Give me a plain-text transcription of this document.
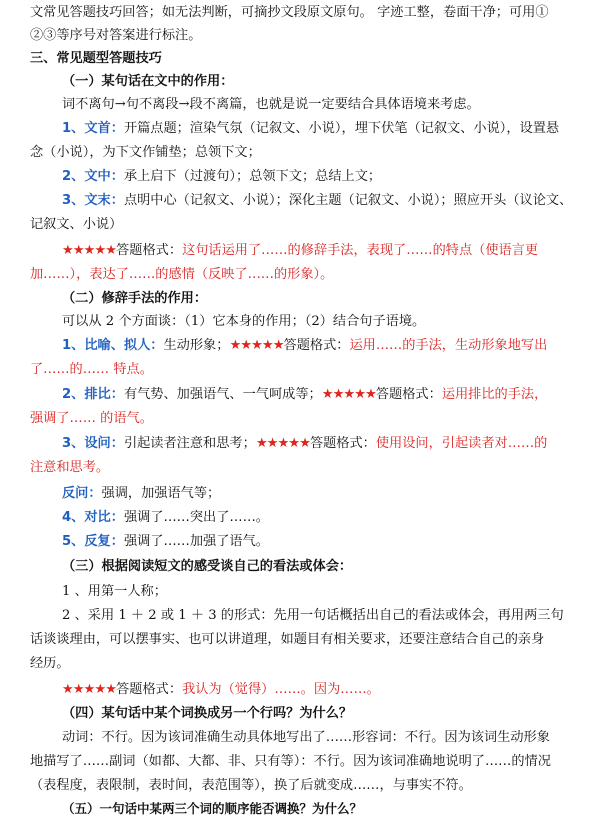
文常见答题技巧回答；如无法判断，可摘抄文段原文原句。 字迹工整，卷面干净；可用①
②③等序号对答案进行标注。
三、常见题型答题技巧
（一）某句话在文中的作用：
词不离句→句不离段→段不离篇，也就是说一定要结合具体语境来考虑。
1、文首：开篇点题；渲染气氛（记叙文、小说），埋下伏笔（记叙文、小说），设置悬
念（小说），为下文作铺垫；总领下文；
2、文中：承上启下（过渡句）；总领下文；总结上文；
3、文末：点明中心（记叙文、小说）；深化主题（记叙文、小说）；照应开头（议论文、
记叙文、小说）
★★★★★答题格式：这句话运用了……的修辞手法，表现了……的特点（使语言更
加……），表达了……的感情（反映了……的形象）。
（二）修辞手法的作用：
可以从 2 个方面谈：（1）它本身的作用；（2）结合句子语境。
1、比喻、拟人：生动形象；★★★★★答题格式：运用……的手法，生动形象地写出
了……的…… 特点。
2、排比：有气势、加强语气、一气呵成等；★★★★★答题格式：运用排比的手法，
强调了…… 的语气。
3、设问：引起读者注意和思考；★★★★★答题格式：使用设问，引起读者对……的
注意和思考。
反问：强调，加强语气等；
4、对比：强调了……突出了……。
5、反复：强调了……加强了语气。
（三）根据阅读短文的感受谈自己的看法或体会：
1 、用第一人称；
2 、采用 1 ＋ 2 或 1 ＋ 3 的形式：先用一句话概括出自己的看法或体会，再用两三句
话谈谈理由，可以摆事实、也可以讲道理，如题目有相关要求，还要注意结合自己的亲身
经历。
★★★★★答题格式：我认为（觉得）……。因为……。
（四）某句话中某个词换成另一个行吗？为什么？
动词：不行。因为该词准确生动具体地写出了……形容词：不行。因为该词生动形象
地描写了……副词（如都、大都、非、只有等）：不行。因为该词准确地说明了……的情况
（表程度，表限制，表时间，表范围等），换了后就变成……，与事实不符。
（五）一句话中某两三个词的顺序能否调换？为什么？
